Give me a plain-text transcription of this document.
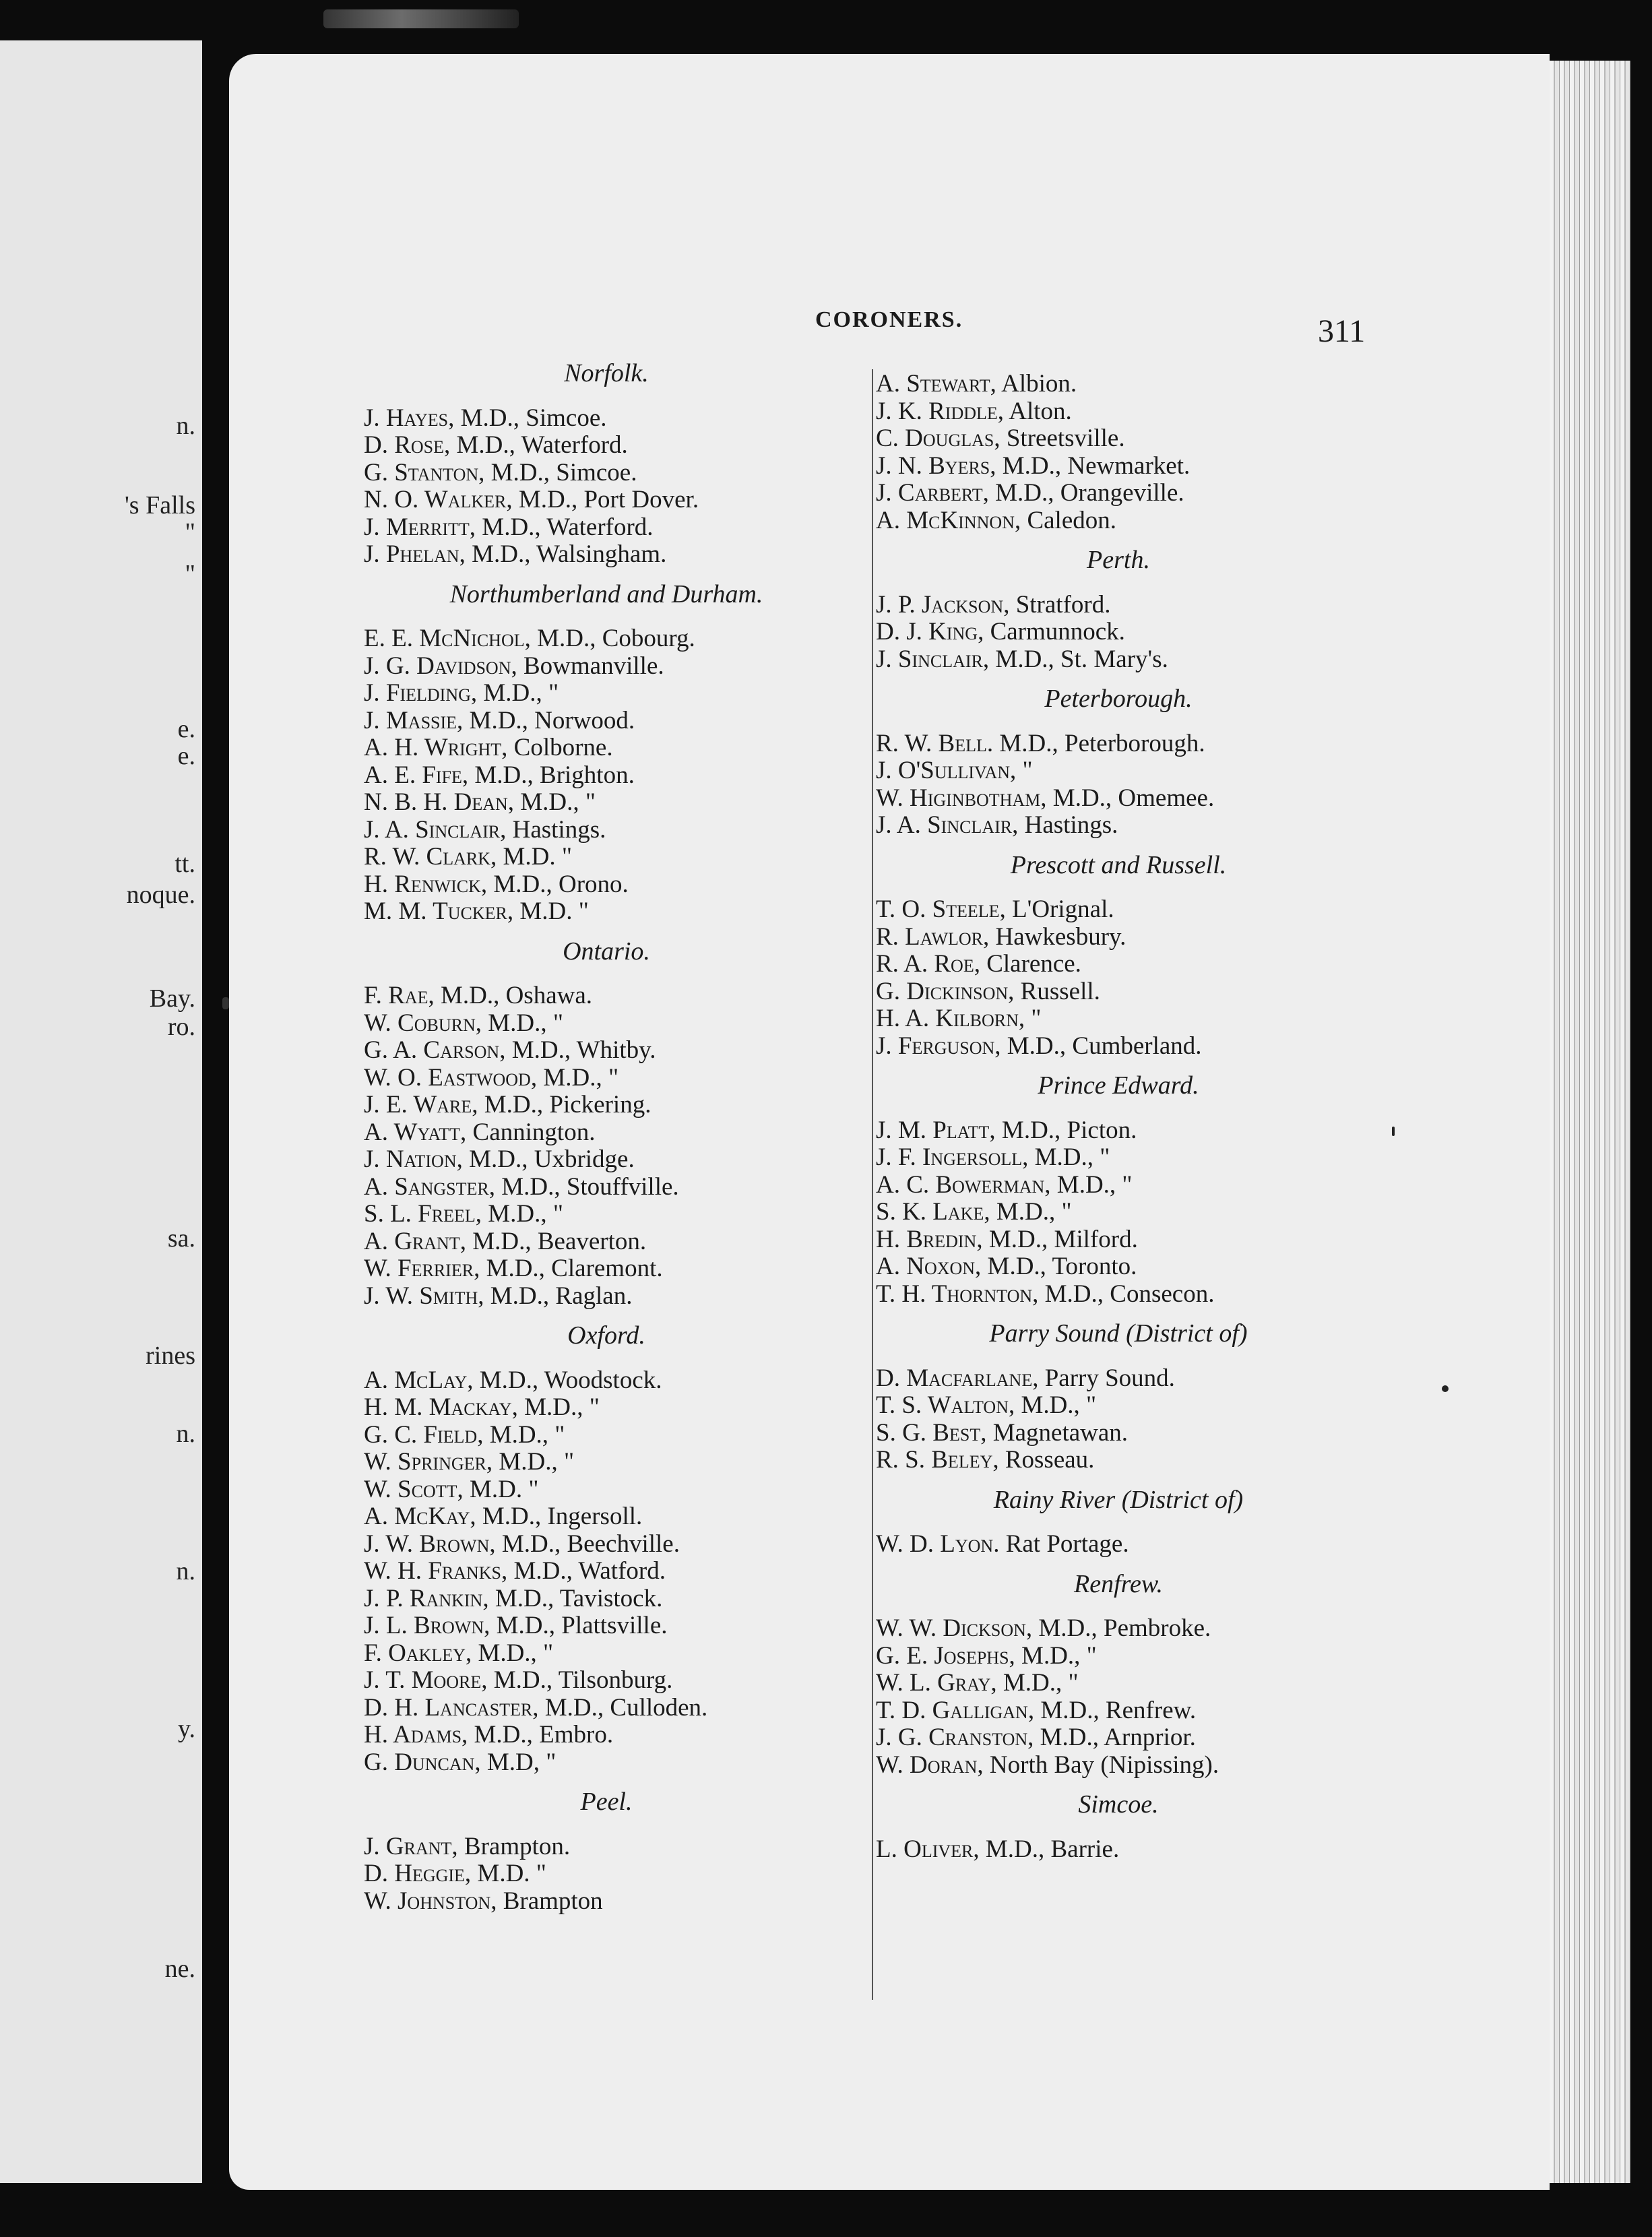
n.
's Falls
"
"
e.
e.
tt.
noque.
Bay.
ro.
sa.
rines
n.
n.
y.
ne.
CORONERS.	311
Norfolk.
J. Hayes, M.D., Simcoe.
D. Rose, M.D., Waterford.
G. Stanton, M.D., Simcoe.
N. O. Walker, M.D., Port Dover.
J. Merritt, M.D., Waterford.
J. Phelan, M.D., Walsingham.
Northumberland and Durham.
E. E. McNichol, M.D., Cobourg.
J. G. Davidson, Bowmanville.
J. Fielding, M.D., "
J. Massie, M.D., Norwood.
A. H. Wright, Colborne.
A. E. Fife, M.D., Brighton.
N. B. H. Dean, M.D., "
J. A. Sinclair, Hastings.
R. W. Clark, M.D. "
H. Renwick, M.D., Orono.
M. M. Tucker, M.D. "
Ontario.
F. Rae, M.D., Oshawa.
W. Coburn, M.D., "
G. A. Carson, M.D., Whitby.
W. O. Eastwood, M.D., "
J. E. Ware, M.D., Pickering.
A. Wyatt, Cannington.
J. Nation, M.D., Uxbridge.
A. Sangster, M.D., Stouffville.
S. L. Freel, M.D., "
A. Grant, M.D., Beaverton.
W. Ferrier, M.D., Claremont.
J. W. Smith, M.D., Raglan.
Oxford.
A. McLay, M.D., Woodstock.
H. M. Mackay, M.D., "
G. C. Field, M.D., "
W. Springer, M.D., "
W. Scott, M.D. "
A. McKay, M.D., Ingersoll.
J. W. Brown, M.D., Beechville.
W. H. Franks, M.D., Watford.
J. P. Rankin, M.D., Tavistock.
J. L. Brown, M.D., Plattsville.
F. Oakley, M.D., "
J. T. Moore, M.D., Tilsonburg.
D. H. Lancaster, M.D., Culloden.
H. Adams, M.D., Embro.
G. Duncan, M.D, "
Peel.
J. Grant, Brampton.
D. Heggie, M.D. "
W. Johnston, Brampton
A. Stewart, Albion.
J. K. Riddle, Alton.
C. Douglas, Streetsville.
J. N. Byers, M.D., Newmarket.
J. Carbert, M.D., Orangeville.
A. McKinnon, Caledon.
Perth.
J. P. Jackson, Stratford.
D. J. King, Carmunnock.
J. Sinclair, M.D., St. Mary's.
Peterborough.
R. W. Bell. M.D., Peterborough.
J. O'Sullivan, "
W. Higinbotham, M.D., Omemee.
J. A. Sinclair, Hastings.
Prescott and Russell.
T. O. Steele, L'Orignal.
R. Lawlor, Hawkesbury.
R. A. Roe, Clarence.
G. Dickinson, Russell.
H. A. Kilborn, "
J. Ferguson, M.D., Cumberland.
Prince Edward.
J. M. Platt, M.D., Picton.
J. F. Ingersoll, M.D., "
A. C. Bowerman, M.D., "
S. K. Lake, M.D., "
H. Bredin, M.D., Milford.
A. Noxon, M.D., Toronto.
T. H. Thornton, M.D., Consecon.
Parry Sound (District of)
D. Macfarlane, Parry Sound.
T. S. Walton, M.D., "
S. G. Best, Magnetawan.
R. S. Beley, Rosseau.
Rainy River (District of)
W. D. Lyon. Rat Portage.
Renfrew.
W. W. Dickson, M.D., Pembroke.
G. E. Josephs, M.D., "
W. L. Gray, M.D., "
T. D. Galligan, M.D., Renfrew.
J. G. Cranston, M.D., Arnprior.
W. Doran, North Bay (Nipissing).
Simcoe.
L. Oliver, M.D., Barrie.
